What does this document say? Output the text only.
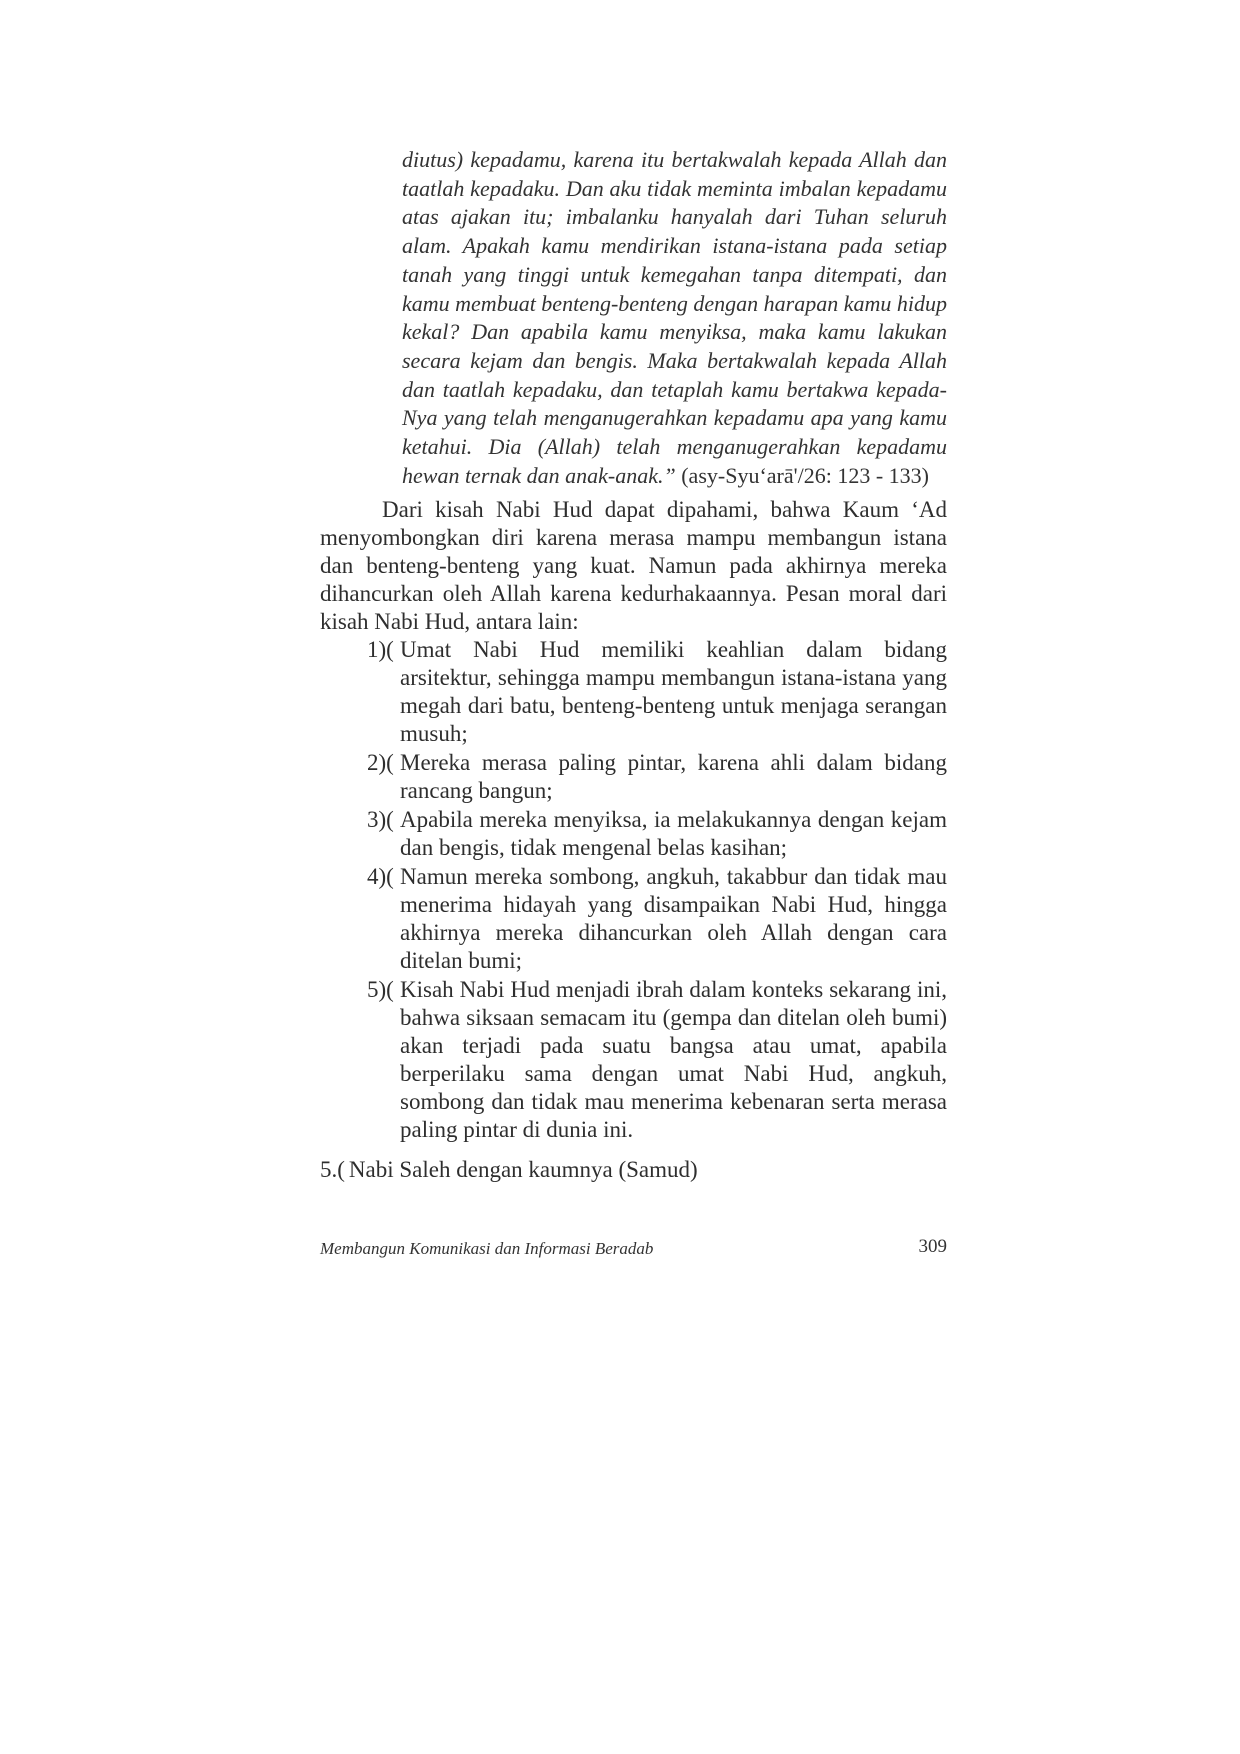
diutus) kepadamu, karena itu bertakwalah kepada Allah dan taatlah kepadaku. Dan aku tidak meminta imbalan kepadamu atas ajakan itu; imbalanku hanyalah dari Tuhan seluruh alam. Apakah kamu mendirikan istana-istana pada setiap tanah yang tinggi untuk kemegahan tanpa ditempati, dan kamu membuat benteng-benteng dengan harapan kamu hidup kekal? Dan apabila kamu menyiksa, maka kamu lakukan secara kejam dan bengis. Maka bertakwalah kepada Allah dan taatlah kepadaku, dan tetaplah kamu bertakwa kepada-Nya yang telah menganugerahkan kepadamu apa yang kamu ketahui. Dia (Allah) telah menganugerahkan kepadamu hewan ternak dan anak-anak.” (asy-Syu‘arā'/26: 123 - 133)

Dari kisah Nabi Hud dapat dipahami, bahwa Kaum ‘Ad menyombongkan diri karena merasa mampu membangun istana dan benteng-benteng yang kuat. Namun pada akhirnya mereka dihancurkan oleh Allah karena kedurhakaannya. Pesan moral dari kisah Nabi Hud, antara lain:

1)( Umat Nabi Hud memiliki keahlian dalam bidang arsitektur, sehingga mampu membangun istana-istana yang megah dari batu, benteng-benteng untuk menjaga serangan musuh;
2)( Mereka merasa paling pintar, karena ahli dalam bidang rancang bangun;
3)( Apabila mereka menyiksa, ia melakukannya dengan kejam dan bengis, tidak mengenal belas kasihan;
4)( Namun mereka sombong, angkuh, takabbur dan tidak mau menerima hidayah yang disampaikan Nabi Hud, hingga akhirnya mereka dihancurkan oleh Allah dengan cara ditelan bumi;
5)( Kisah Nabi Hud menjadi ibrah dalam konteks sekarang ini, bahwa siksaan semacam itu (gempa dan ditelan oleh bumi) akan terjadi pada suatu bangsa atau umat, apabila berperilaku sama dengan umat Nabi Hud, angkuh, sombong dan tidak mau menerima kebenaran serta merasa paling pintar di dunia ini.
5.( Nabi Saleh dengan kaumnya (Samud)
Membangun Komunikasi dan Informasi Beradab	309
